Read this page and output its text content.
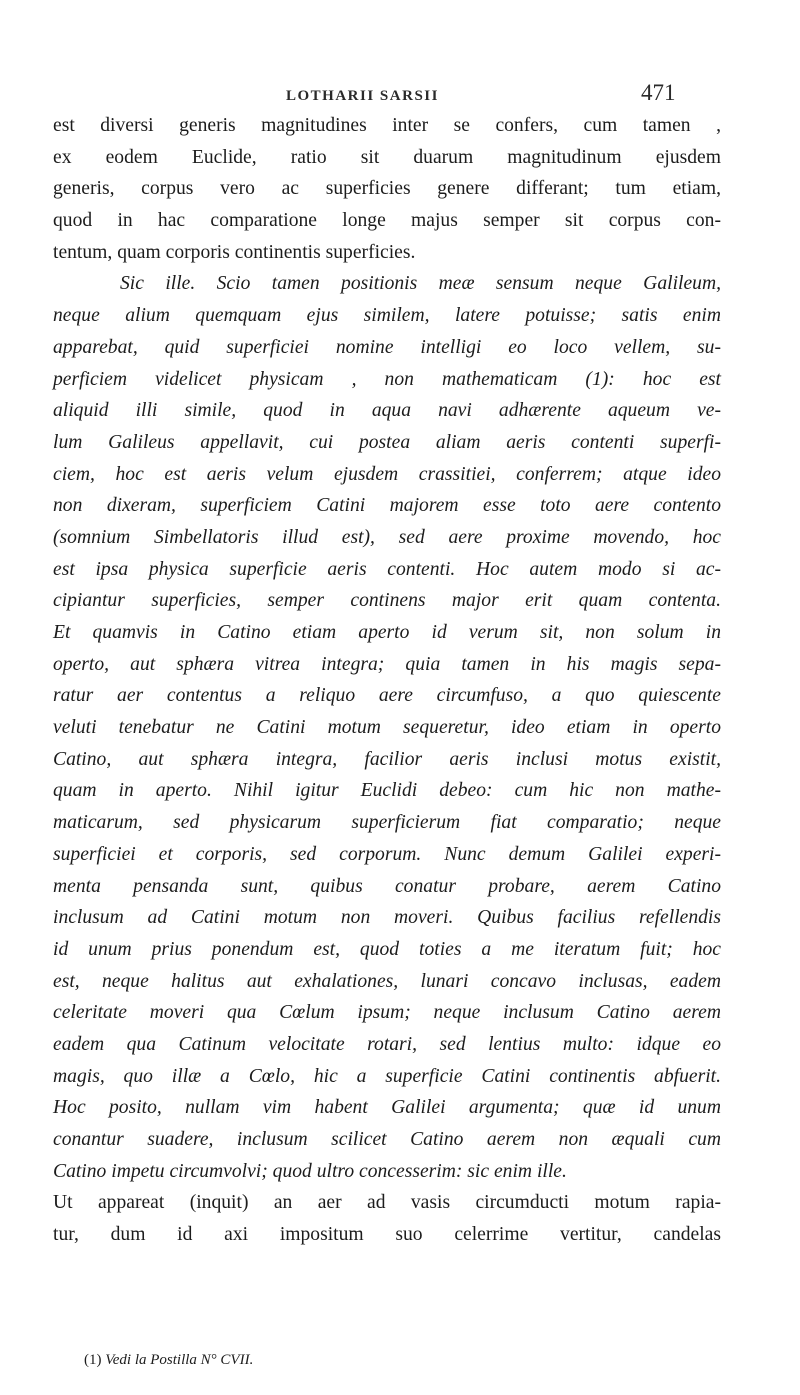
LOTHARII SARSII	471
est diversi generis magnitudines inter se confers, cum tamen ,
ex eodem Euclide, ratio sit duarum magnitudinum ejusdem
generis, corpus vero ac superficies genere differant; tum etiam,
quod in hac comparatione longe majus semper sit corpus con-
tentum, quam corporis continentis superficies.
Sic ille. Scio tamen positionis meæ sensum neque Galileum,
neque alium quemquam ejus similem, latere potuisse; satis enim
apparebat, quid superficiei nomine intelligi eo loco vellem, su-
perficiem videlicet physicam , non mathematicam (1): hoc est
aliquid illi simile, quod in aqua navi adhærente aqueum ve-
lum Galileus appellavit, cui postea aliam aeris contenti superfi-
ciem, hoc est aeris velum ejusdem crassitiei, conferrem; atque ideo
non dixeram, superficiem Catini majorem esse toto aere contento
(somnium Simbellatoris illud est), sed aere proxime movendo, hoc
est ipsa physica superficie aeris contenti. Hoc autem modo si ac-
cipiantur superficies, semper continens major erit quam contenta.
Et quamvis in Catino etiam aperto id verum sit, non solum in
operto, aut sphæra vitrea integra; quia tamen in his magis sepa-
ratur aer contentus a reliquo aere circumfuso, a quo quiescente
veluti tenebatur ne Catini motum sequeretur, ideo etiam in operto
Catino, aut sphæra integra, facilior aeris inclusi motus existit,
quam in aperto. Nihil igitur Euclidi debeo: cum hic non mathe-
maticarum, sed physicarum superficierum fiat comparatio; neque
superficiei et corporis, sed corporum. Nunc demum Galilei experi-
menta pensanda sunt, quibus conatur probare, aerem Catino
inclusum ad Catini motum non moveri. Quibus facilius refellendis
id unum prius ponendum est, quod toties a me iteratum fuit; hoc
est, neque halitus aut exhalationes, lunari concavo inclusas, eadem
celeritate moveri qua Cœlum ipsum; neque inclusum Catino aerem
eadem qua Catinum velocitate rotari, sed lentius multo: idque eo
magis, quo illæ a Cœlo, hic a superficie Catini continentis abfuerit.
Hoc posito, nullam vim habent Galilei argumenta; quæ id unum
conantur suadere, inclusum scilicet Catino aerem non æquali cum
Catino impetu circumvolvi; quod ultro concesserim: sic enim ille.
Ut appareat (inquit) an aer ad vasis circumducti motum rapia-
tur, dum id axi impositum suo celerrime vertitur, candelas
(1) Vedi la Postilla N° CVII.
